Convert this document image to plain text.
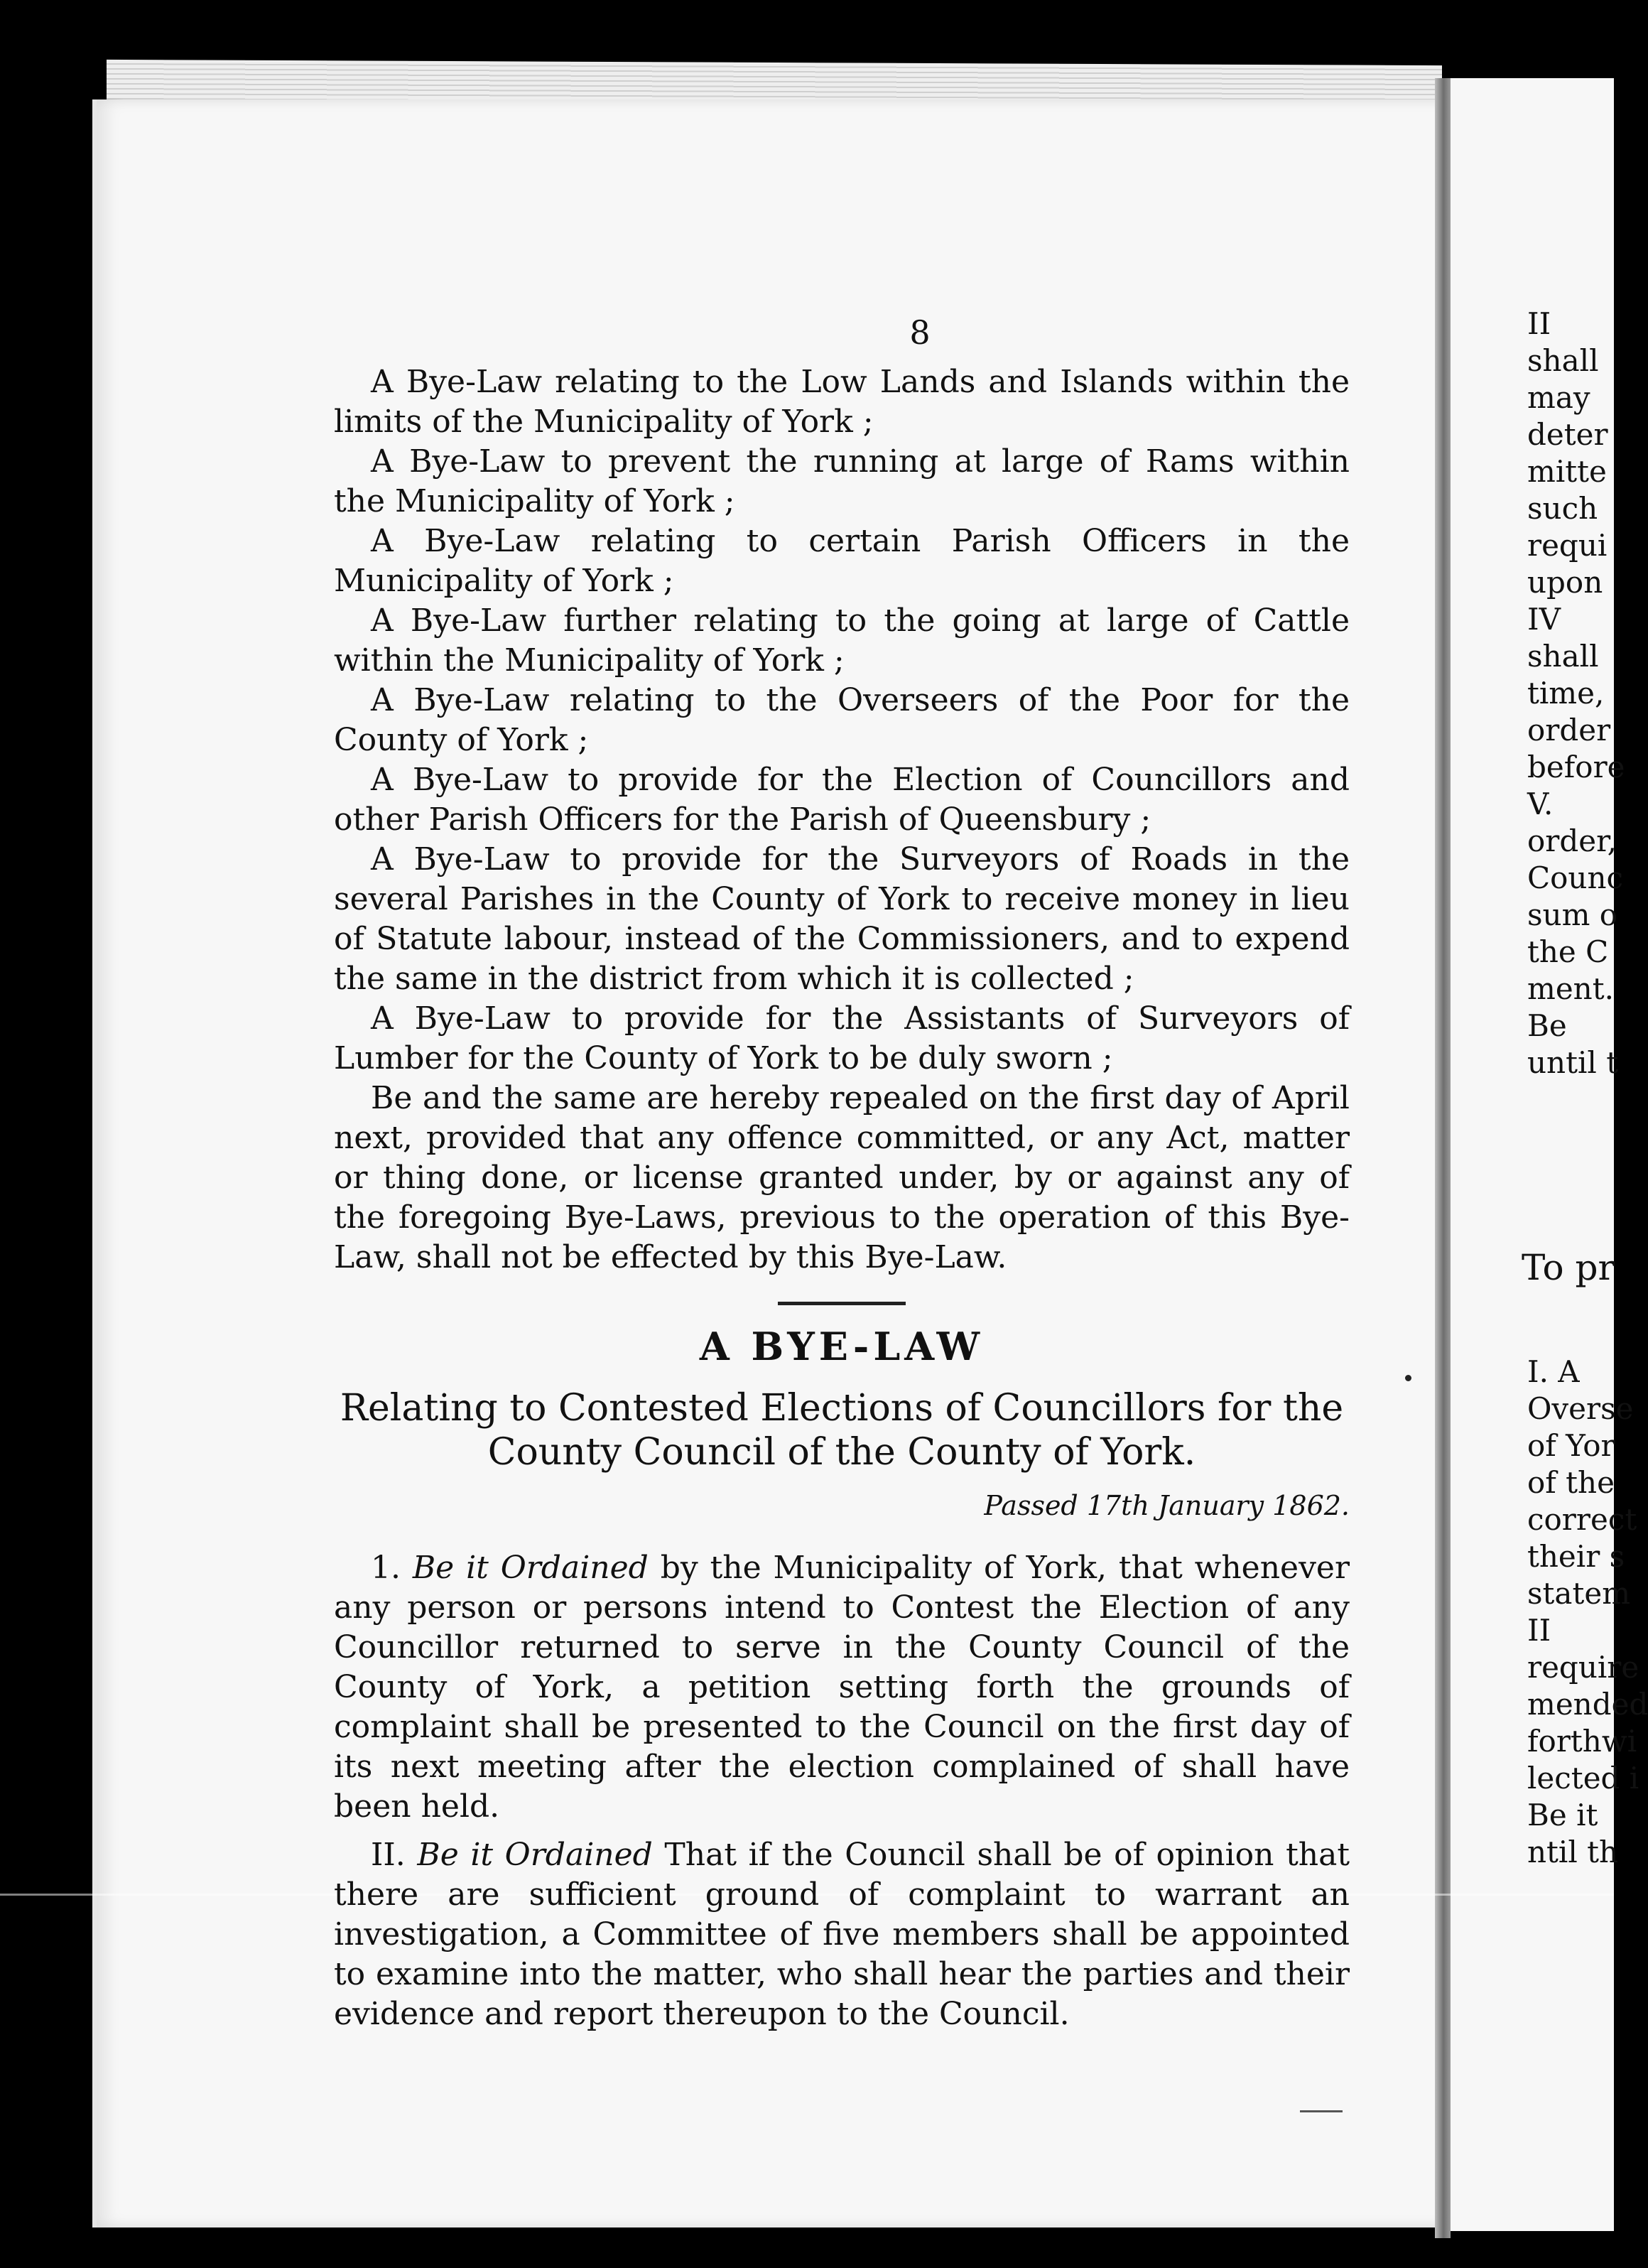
8

A Bye-Law relating to the Low Lands and Islands within the limits of the Municipality of York ;

A Bye-Law to prevent the running at large of Rams within the Municipality of York ;

A Bye-Law relating to certain Parish Officers in the Municipality of York ;

A Bye-Law further relating to the going at large of Cattle within the Municipality of York ;

A Bye-Law relating to the Overseers of the Poor for the County of York ;

A Bye-Law to provide for the Election of Councillors and other Parish Officers for the Parish of Queensbury ;

A Bye-Law to provide for the Surveyors of Roads in the several Parishes in the County of York to receive money in lieu of Statute labour, instead of the Commissioners, and to expend the same in the district from which it is collected ;

A Bye-Law to provide for the Assistants of Surveyors of Lumber for the County of York to be duly sworn ;

Be and the same are hereby repealed on the first day of April next, provided that any offence committed, or any Act, matter or thing done, or license granted under, by or against any of the foregoing Bye-Laws, previous to the operation of this Bye-Law, shall not be effected by this Bye-Law.

A BYE-LAW
Relating to Contested Elections of Councillors for the County Council of the County of York.
Passed 17th January 1862.

1. Be it Ordained by the Municipality of York, that whenever any person or persons intend to Contest the Election of any Councillor returned to serve in the County Council of the County of York, a petition setting forth the grounds of complaint shall be presented to the Council on the first day of its next meeting after the election complained of shall have been held.

II. Be it Ordained That if the Council shall be of opinion that there are sufficient ground of complaint to warrant an investigation, a Committee of five members shall be appointed to examine into the matter, who shall hear the parties and their evidence and report thereupon to the Council.

II
shall
may
deter
mitte
such
requi
upon
IV
shall
time,
order
before
V.
order,
Counc
sum o
the C
ment.
Be
until t
To pr
I. A
Overse
of Yor
of the
correct
their s
statem
II
require
mended
forthwi
lected i
Be it
ntil th
